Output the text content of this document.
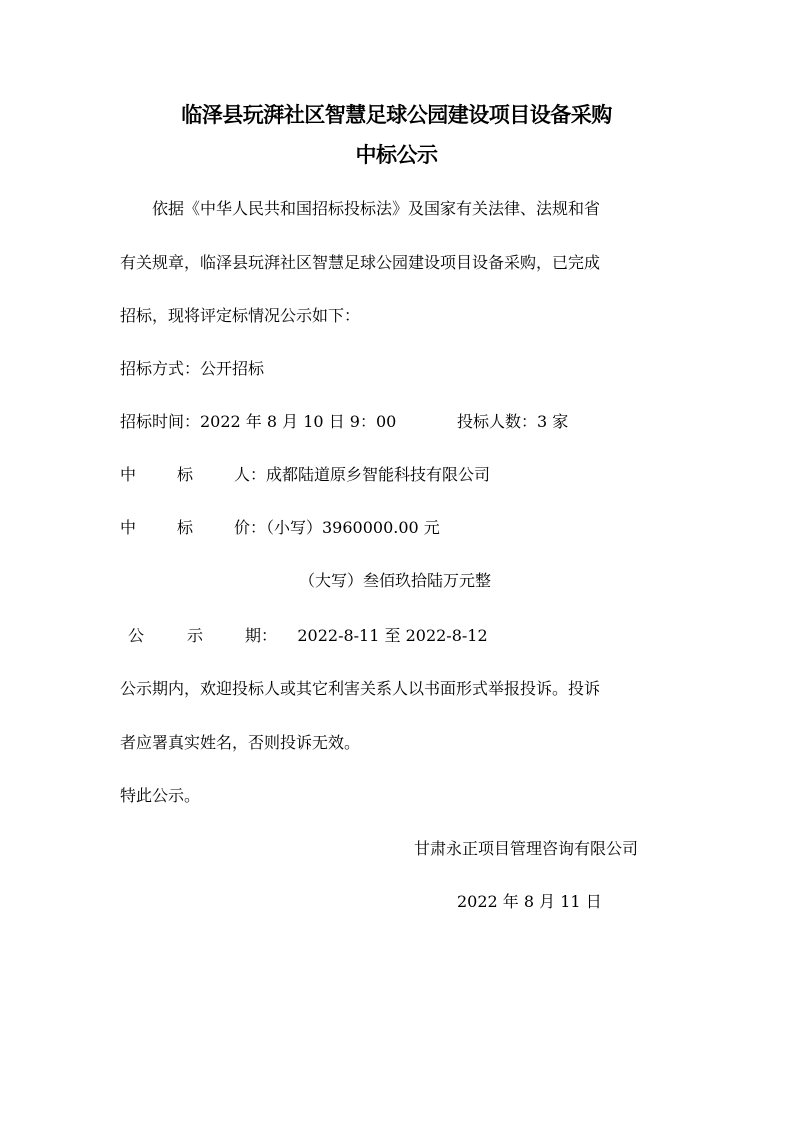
临泽县玩湃社区智慧足球公园建设项目设备采购
中标公示
依据《中华人民共和国招标投标法》及国家有关法律、法规和省
有关规章，临泽县玩湃社区智慧足球公园建设项目设备采购，已完成
招标，现将评定标情况公示如下：
招标方式：公开招标
招标时间：2022 年 8 月 10 日 9：00	投标人数：3 家
中	标	人 ：成都陆道原乡智能科技有限公司
中	标	价 ：（小写）3960000.00 元
（大写）叁佰玖拾陆万元整
公	示	期 ：    2022-8-11 至 2022-8-12
公示期内，欢迎投标人或其它利害关系人以书面形式举报投诉。投诉
者应署真实姓名，否则投诉无效。
特此公示。
甘肃永正项目管理咨询有限公司
2022 年 8 月 11 日
